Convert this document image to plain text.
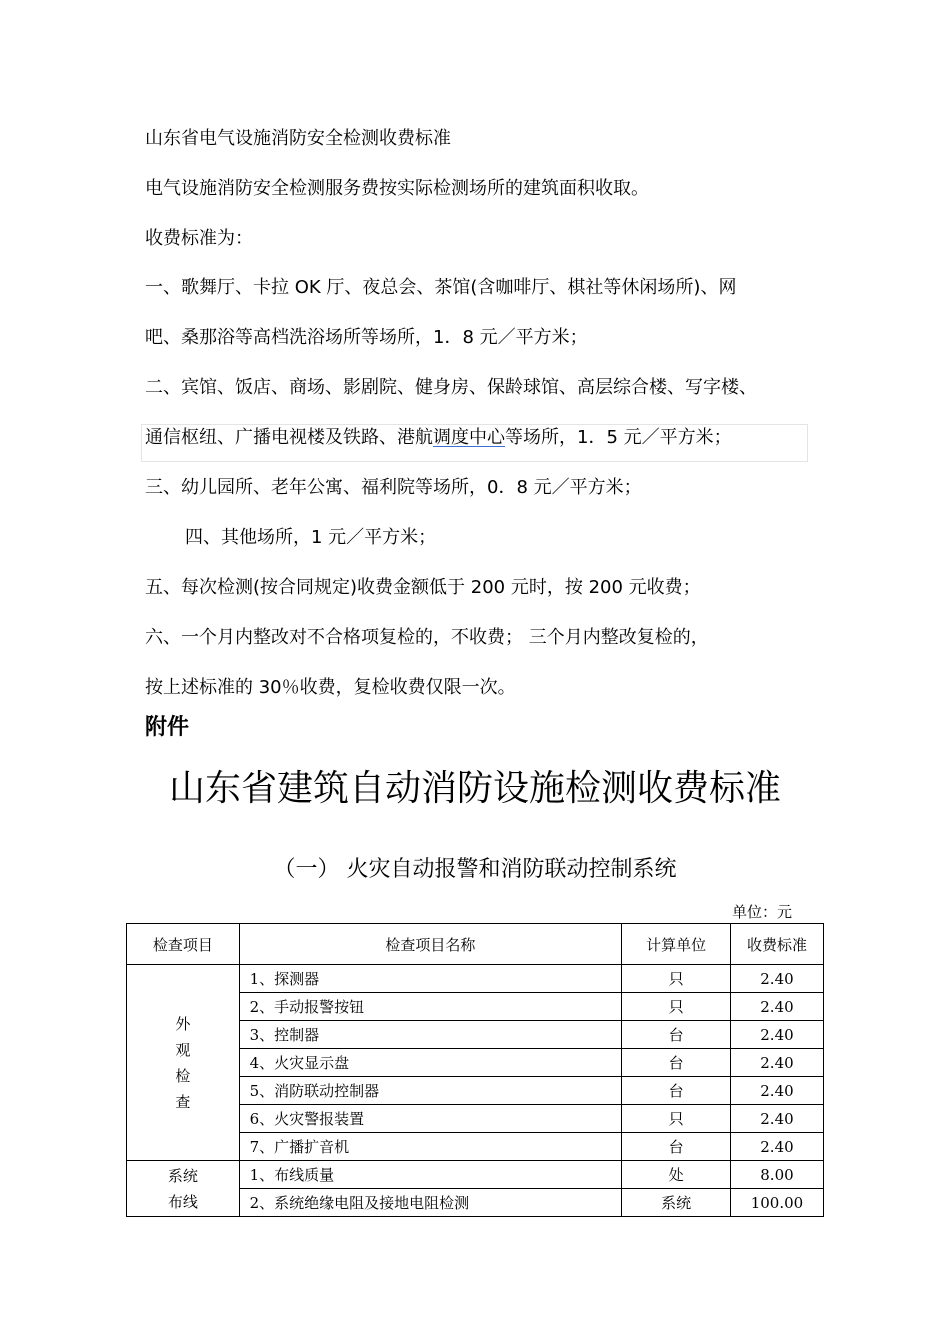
山东省电气设施消防安全检测收费标准
电气设施消防安全检测服务费按实际检测场所的建筑面积收取。
收费标准为：
一、歌舞厅、卡拉 OK 厅、夜总会、茶馆(含咖啡厅、棋社等休闲场所)、网
吧、桑那浴等高档洗浴场所等场所，1．8 元／平方米；
二、宾馆、饭店、商场、影剧院、健身房、保龄球馆、高层综合楼、写字楼、
通信枢纽、广播电视楼及铁路、港航调度中心等场所，1．5 元／平方米；
三、幼儿园所、老年公寓、福利院等场所，0．8 元／平方米；
四、其他场所，1 元／平方米；
五、每次检测(按合同规定)收费金额低于 200 元时，按 200 元收费；
六、一个月内整改对不合格项复检的，不收费； 三个月内整改复检的，
按上述标准的 30％收费，复检收费仅限一次。
附件
山东省建筑自动消防设施检测收费标准
（一） 火灾自动报警和消防联动控制系统
单位：元
检查项目	检查项目名称	计算单位	收费标准
外
观
检
查	1、探测器	只	2.40
	2、手动报警按钮	只	2.40
	3、控制器	台	2.40
	4、火灾显示盘	台	2.40
	5、消防联动控制器	台	2.40
	6、火灾警报装置	只	2.40
	7、广播扩音机	台	2.40
系统
布线	1、布线质量	处	8.00
	2、系统绝缘电阻及接地电阻检测	系统	100.00
